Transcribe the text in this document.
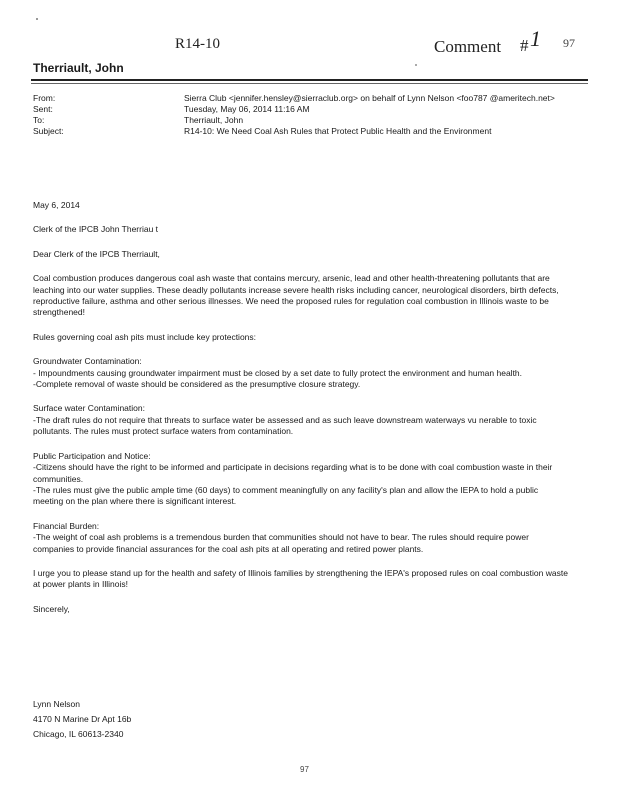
R14-10	Comment # 1 97
Therriault, John
From:	Sierra Club <jennifer.hensley@sierraclub.org> on behalf of Lynn Nelson <foo787 @ameritech.net>
Sent:	Tuesday, May 06, 2014 11:16 AM
To:	Therriault, John
Subject:	R14-10: We Need Coal Ash Rules that Protect Public Health and the Environment

May 6, 2014

Clerk of the IPCB John Therriau t

Dear Clerk of the IPCB Therriault,

Coal combustion produces dangerous coal ash waste that contains mercury, arsenic, lead and other health-threatening pollutants that are leaching into our water supplies. These deadly pollutants increase severe health risks including cancer, neurological disorders, birth defects, reproductive failure, asthma and other serious illnesses. We need the proposed rules for regulation coal combustion in Illinois waste to be strengthened!

Rules governing coal ash pits must include key protections:

Groundwater Contamination:
- Impoundments causing groundwater impairment must be closed by a set date to fully protect the environment and human health.
-Complete removal of waste should be considered as the presumptive closure strategy.

Surface water Contamination:
-The draft rules do not require that threats to surface water be assessed and as such leave downstream waterways vu nerable to toxic pollutants. The rules must protect surface waters from contamination.

Public Participation and Notice:
-Citizens should have the right to be informed and participate in decisions regarding what is to be done with coal combustion waste in their communities.
-The rules must give the public ample time (60 days) to comment meaningfully on any facility's plan and allow the IEPA to hold a public meeting on the plan where there is significant interest.

Financial Burden:
-The weight of coal ash problems is a tremendous burden that communities should not have to bear. The rules should require power companies to provide financial assurances for the coal ash pits at all operating and retired power plants.

I urge you to please stand up for the health and safety of Illinois families by strengthening the IEPA's proposed rules on coal combustion waste at power plants in Illinois!

Sincerely,

Lynn Nelson
4170 N Marine Dr Apt 16b
Chicago, IL 60613-2340
97
